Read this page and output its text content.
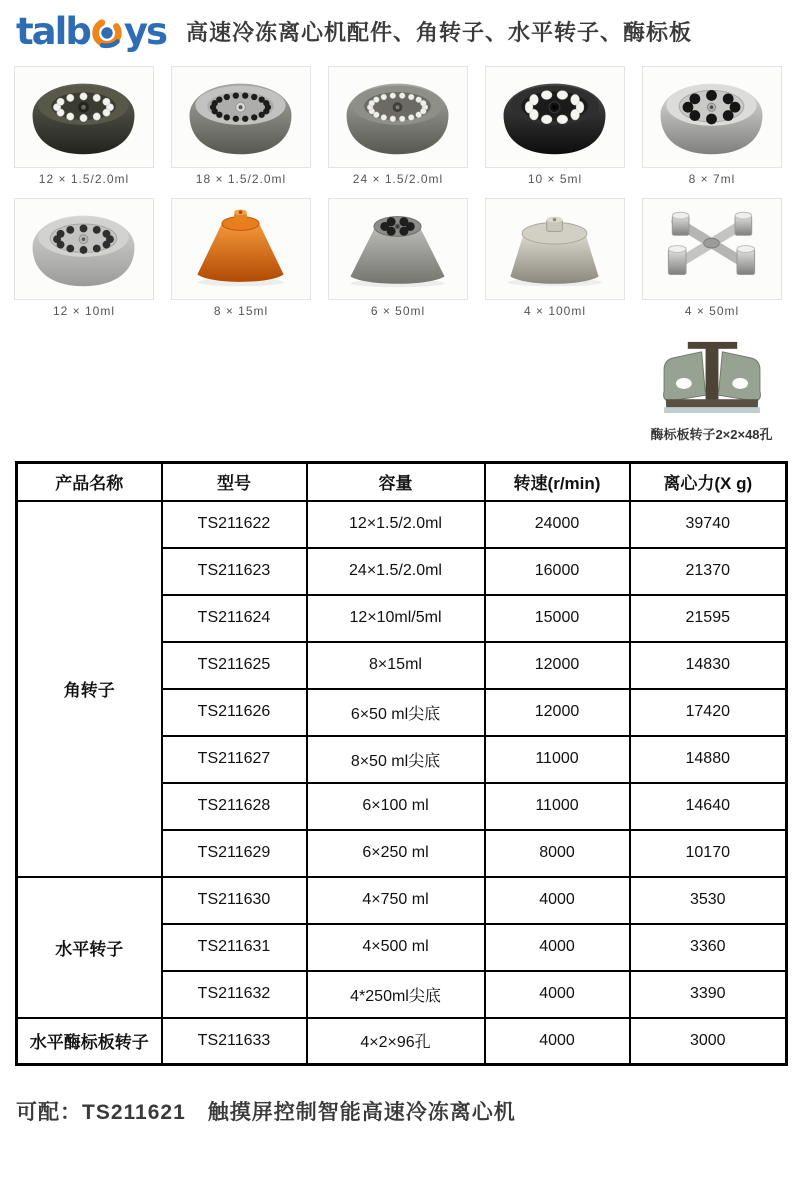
talb ys 高速冷冻离心机配件、角转子、水平转子、酶标板
12 × 1.5/2.0ml	18 × 1.5/2.0ml	24 × 1.5/2.0ml	10 × 5ml	8 × 7ml
12 × 10ml	8 × 15ml	6 × 50ml	4 × 100ml	4 × 50ml
酶标板转子2×2×48孔
产品名称	型号	容量	转速(r/min)	离心力(X g)
角转子	TS211622	12×1.5/2.0ml	24000	39740
	TS211623	24×1.5/2.0ml	16000	21370
	TS211624	12×10ml/5ml	15000	21595
	TS211625	8×15ml	12000	14830
	TS211626	6×50 ml尖底	12000	17420
	TS211627	8×50 ml尖底	11000	14880
	TS211628	6×100 ml	11000	14640
	TS211629	6×250 ml	8000	10170
水平转子	TS211630	4×750 ml	4000	3530
	TS211631	4×500 ml	4000	3360
	TS211632	4*250ml尖底	4000	3390
水平酶标板转子	TS211633	4×2×96孔	4000	3000

可配：TS211621　触摸屏控制智能高速冷冻离心机
